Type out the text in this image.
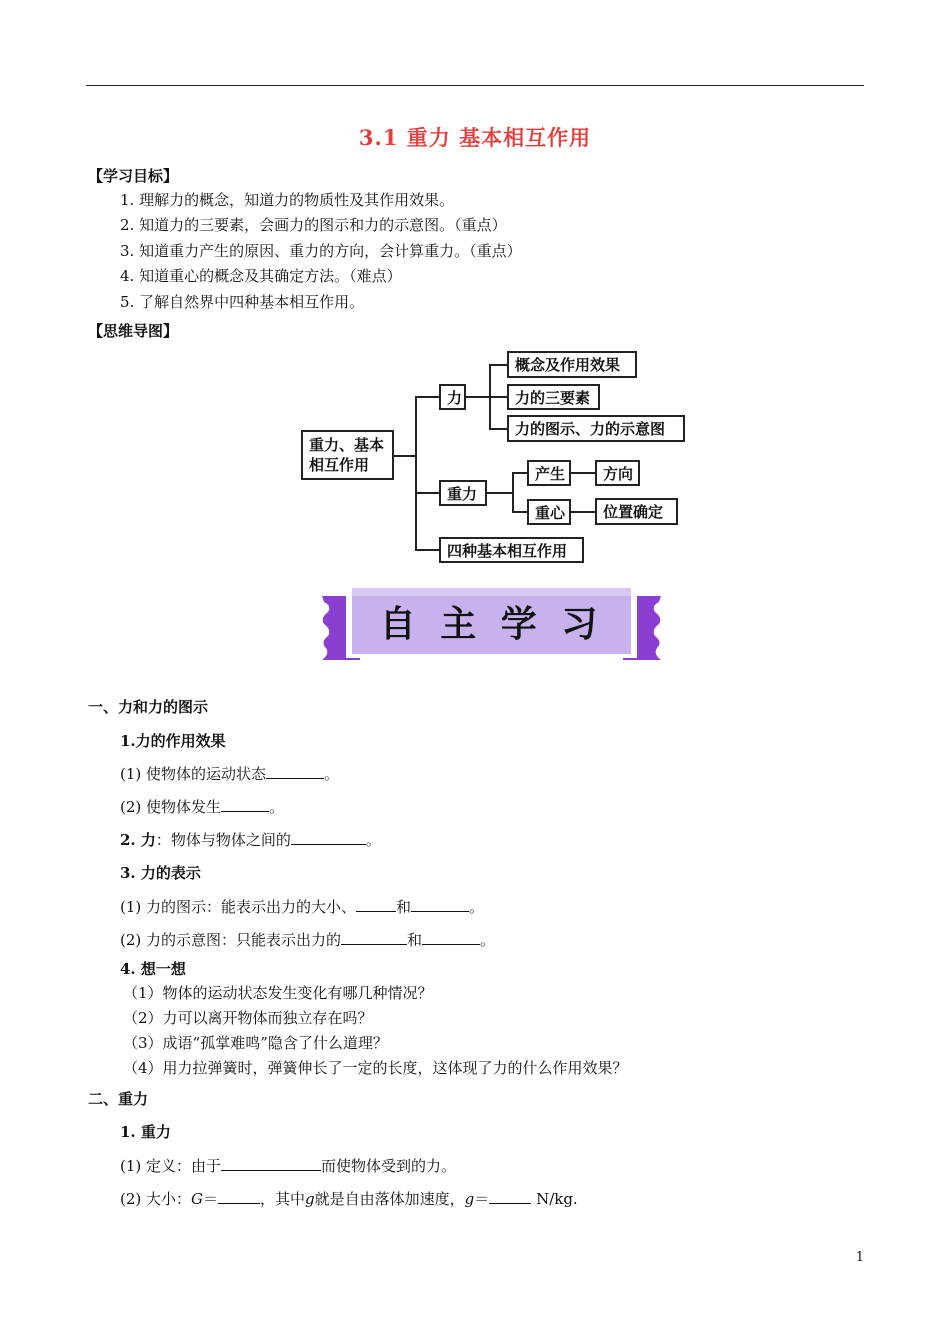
3.1 重力 基本相互作用
【学习目标】
1. 理解力的概念，知道力的物质性及其作用效果。
2. 知道力的三要素，会画力的图示和力的示意图。（重点）
3. 知道重力产生的原因、重力的方向，会计算重力。（重点）
4. 知道重心的概念及其确定方法。（难点）
5. 了解自然界中四种基本相互作用。
【思维导图】
重力、基本
相互作用
力
概念及作用效果
力的三要素
力的图示、力的示意图
重力
产生
重心
方向
位置确定
四种基本相互作用
自 主 学 习
一、力和力的图示
1.力的作用效果
(1) 使物体的运动状态	。
(2) 使物体发生	。
2. 力：物体与物体之间的	。
3. 力的表示
(1) 力的图示：能表示出力的大小、	和	。
(2) 力的示意图：只能表示出力的	和	。
4. 想一想
（1）物体的运动状态发生变化有哪几种情况？
（2）力可以离开物体而独立存在吗？
（3）成语“孤掌难鸣”隐含了什么道理？
（4）用力拉弹簧时，弹簧伸长了一定的长度，这体现了力的什么作用效果？
二、重力
1. 重力
(1) 定义：由于	而使物体受到的力。
(2) 大小：G＝	，其中g就是自由落体加速度，g＝	N/kg.
1
